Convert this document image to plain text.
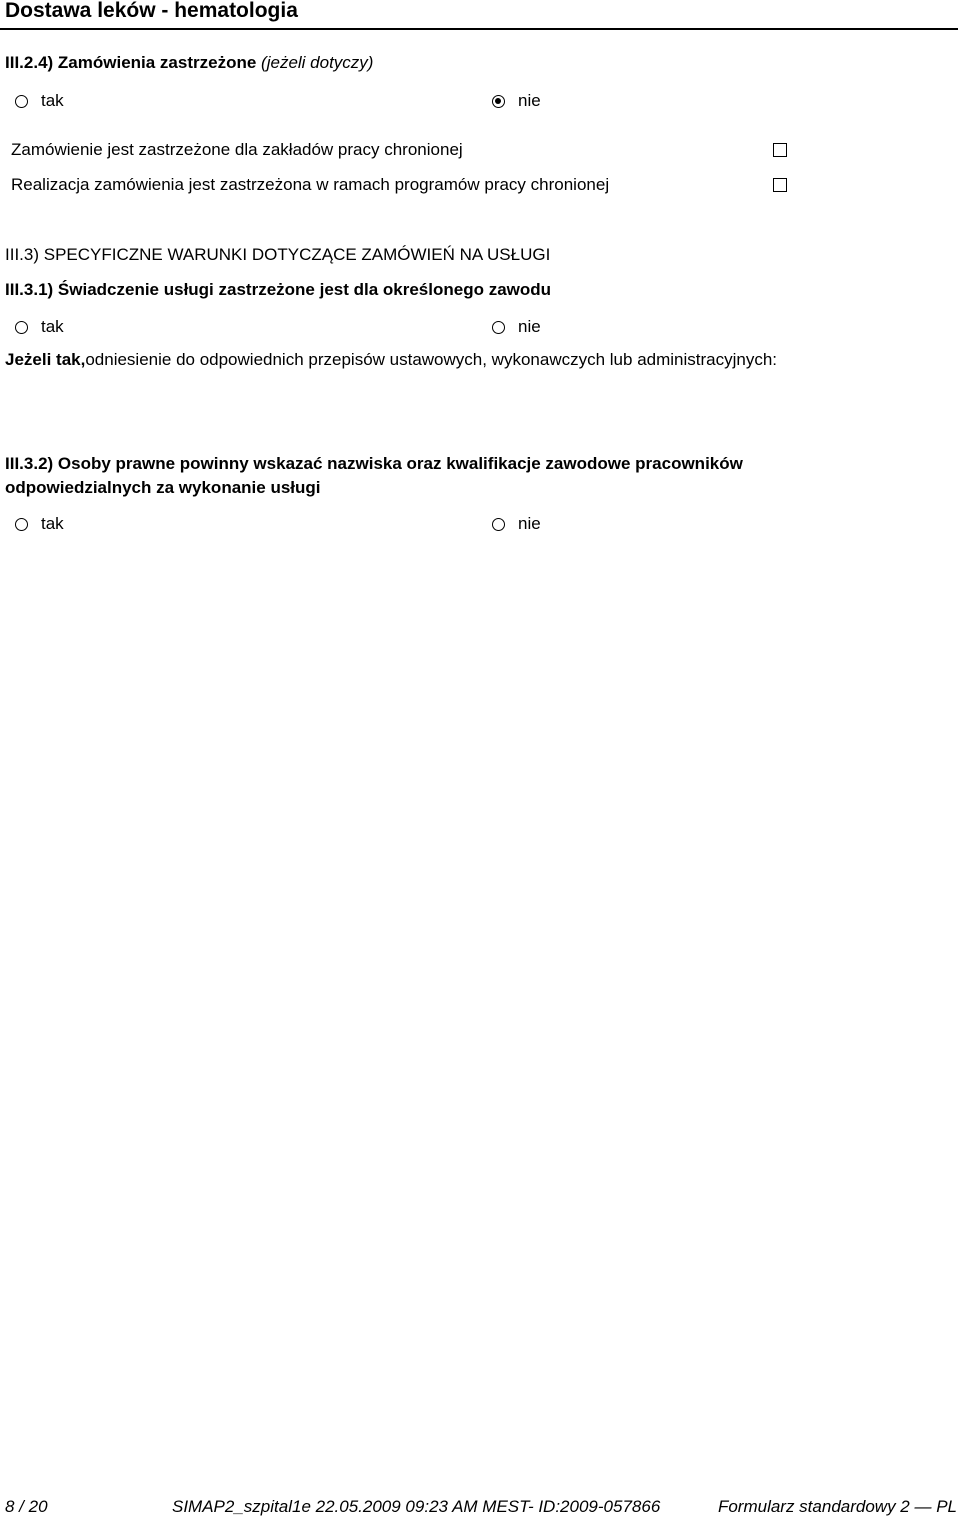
Dostawa leków - hematologia
III.2.4) Zamówienia zastrzeżone (jeżeli dotyczy)
tak	nie
Zamówienie jest zastrzeżone dla zakładów pracy chronionej
Realizacja zamówienia jest zastrzeżona w ramach programów pracy chronionej
III.3) SPECYFICZNE WARUNKI DOTYCZĄCE ZAMÓWIEŃ NA USŁUGI
III.3.1) Świadczenie usługi zastrzeżone jest dla określonego zawodu
tak	nie
Jeżeli tak,odniesienie do odpowiednich przepisów ustawowych, wykonawczych lub administracyjnych:
III.3.2) Osoby prawne powinny wskazać nazwiska oraz kwalifikacje zawodowe pracowników
odpowiedzialnych za wykonanie usługi
tak	nie
8 / 20	SIMAP2_szpital1e 22.05.2009 09:23 AM MEST- ID:2009-057866	Formularz standardowy 2 — PL
